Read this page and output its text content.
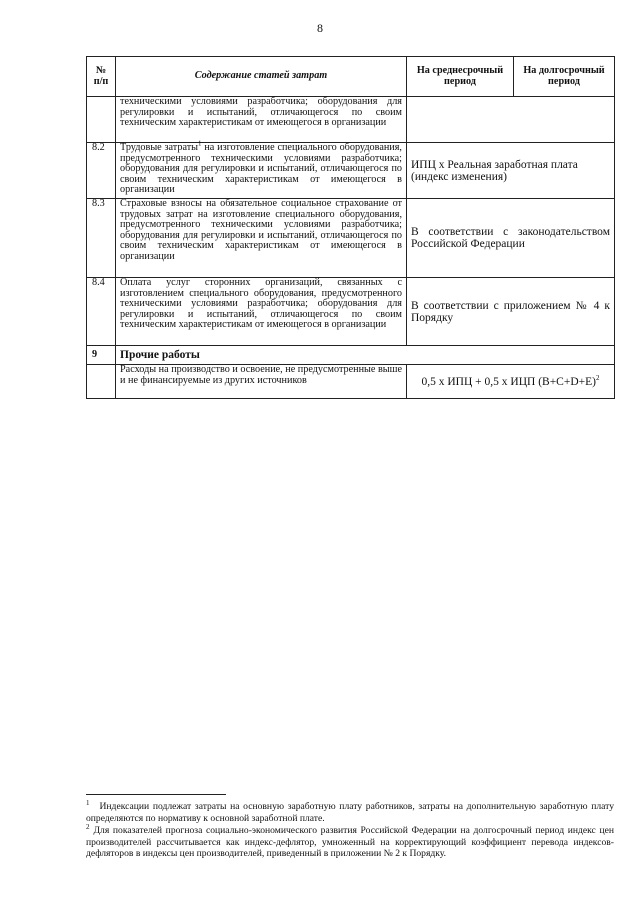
8
№ п/п	Содержание статей затрат	На среднесрочный период	На долгосрочный период
	техническими условиями разработчика; оборудования для регулировки и испытаний, отличающегося по своим техническим характеристикам от имеющегося в организации		
8.2	Трудовые затраты$^1$ на изготовление специального оборудования, предусмотренного техническими условиями разработчика; оборудования для регулировки и испытаний, отличающегося по своим техническим характеристикам от имеющегося в организации	ИПЦ х Реальная заработная плата (индекс изменения)	
8.3	Страховые взносы на обязательное социальное страхование от трудовых затрат на изготовление специального оборудования, предусмотренного техническими условиями разработчика; оборудования для регулировки и испытаний, отличающегося по своим техническим характеристикам от имеющегося в организации	В соответствии с законодательством Российской Федерации	
8.4	Оплата услуг сторонних организаций, связанных с изготовлением специального оборудования, предусмотренного техническими условиями разработчика; оборудования для регулировки и испытаний, отличающегося по своим техническим характеристикам от имеющегося в организации	В соответствии с приложением № 4 к Порядку	
9	Прочие работы		
	Расходы на производство и освоение, не предусмотренные выше и не финансируемые из других источников	0,5 х ИПЦ + 0,5 х ИЦП $(B+C+D+E)^2$

$^1$ Индексации подлежат затраты на основную заработную плату работников, затраты на дополнительную заработную плату определяются по нормативу к основной заработной плате.

$^2$ Для показателей прогноза социально-экономического развития Российской Федерации на долгосрочный период индекс цен производителей рассчитывается как индекс-дефлятор, умноженный на корректирующий коэффициент перевода индексов-дефляторов в индексы цен производителей, приведенный в приложении № 2 к Порядку.
